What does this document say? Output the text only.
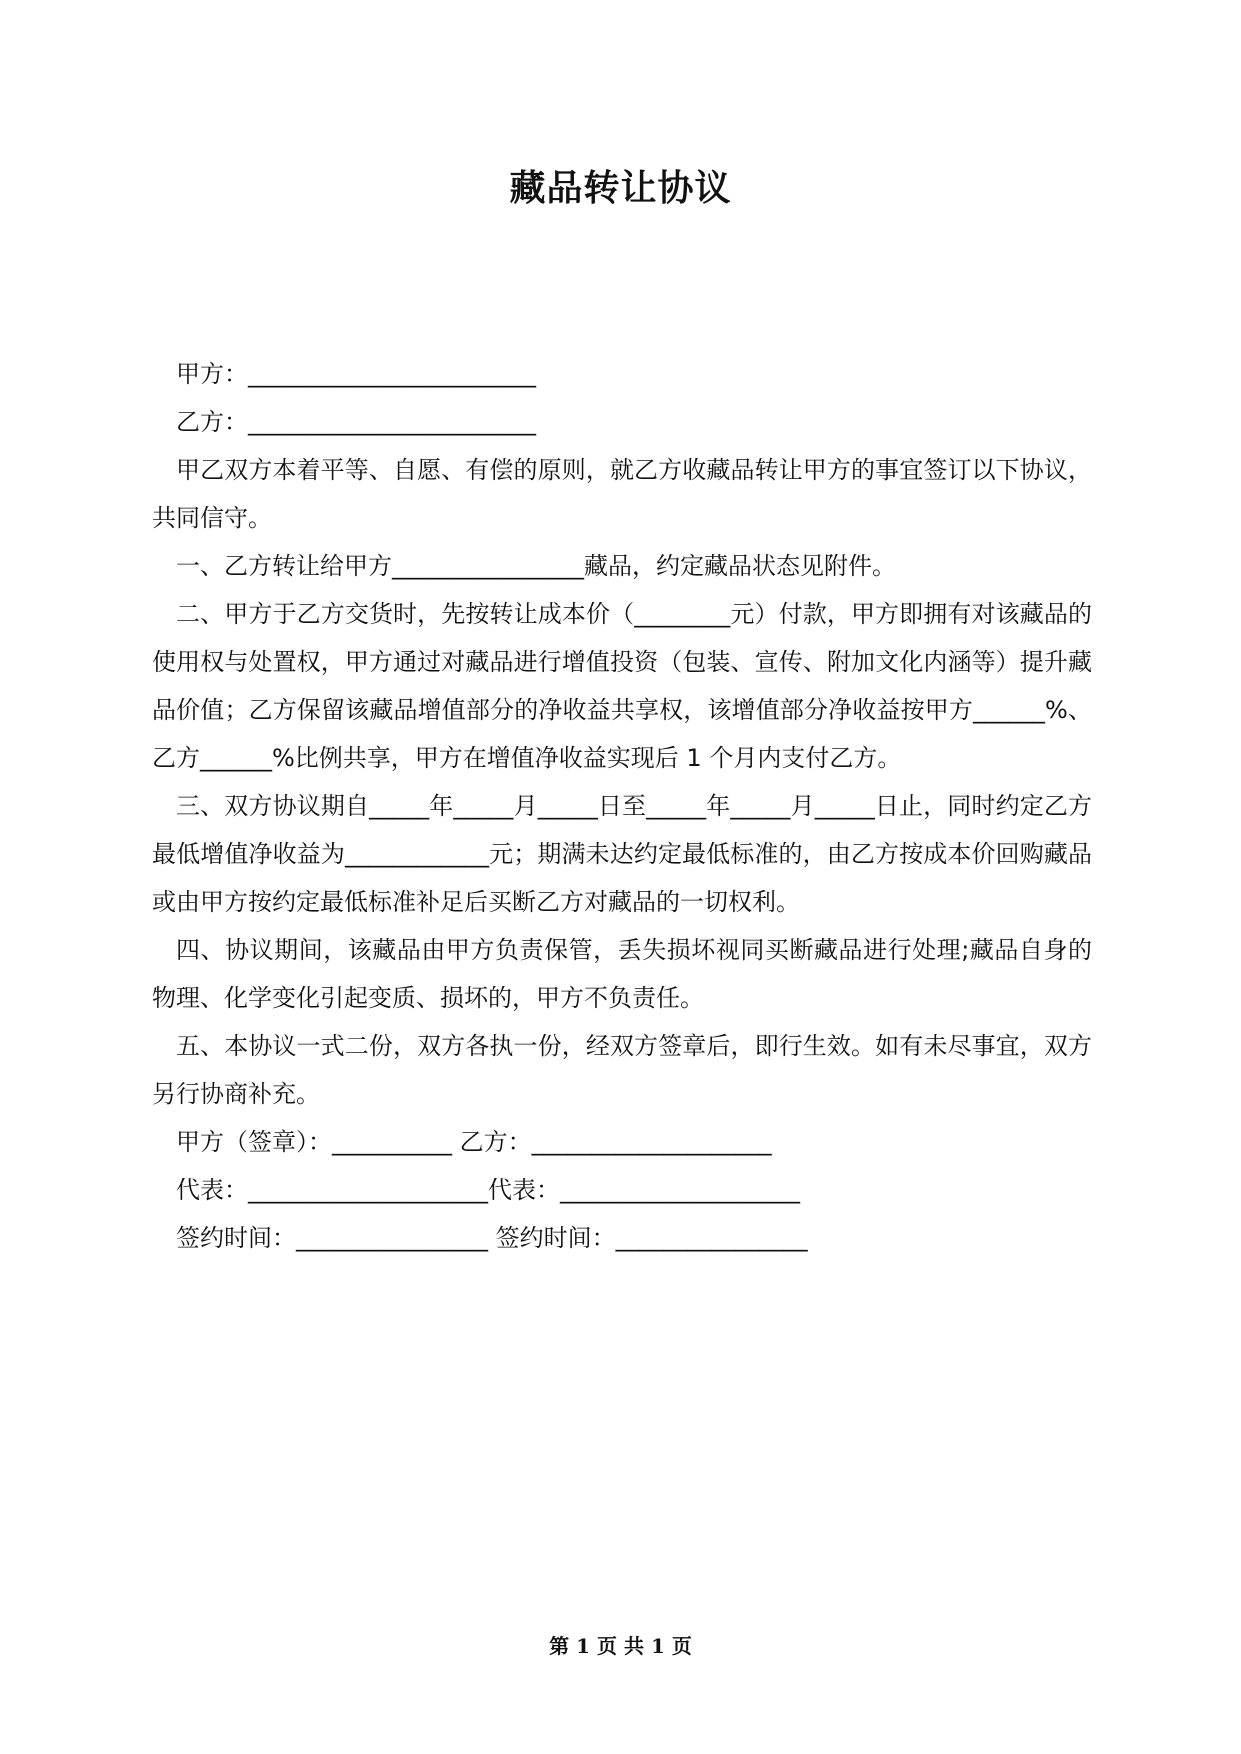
藏品转让协议
甲方：________________________
乙方：________________________

甲乙双方本着平等、自愿、有偿的原则，就乙方收藏品转让甲方的事宜签订以下协议，共同信守。

一、乙方转让给甲方________________藏品，约定藏品状态见附件。

二、甲方于乙方交货时，先按转让成本价（________元）付款，甲方即拥有对该藏品的使用权与处置权，甲方通过对藏品进行增值投资（包装、宣传、附加文化内涵等）提升藏品价值；乙方保留该藏品增值部分的净收益共享权，该增值部分净收益按甲方______%、乙方______%比例共享，甲方在增值净收益实现后 1 个月内支付乙方。

三、双方协议期自_____年_____月_____日至_____年_____月_____日止，同时约定乙方最低增值净收益为____________元；期满未达约定最低标准的，由乙方按成本价回购藏品或由甲方按约定最低标准补足后买断乙方对藏品的一切权利。

四、协议期间，该藏品由甲方负责保管，丢失损坏视同买断藏品进行处理;藏品自身的物理、化学变化引起变质、损坏的，甲方不负责任。

五、本协议一式二份，双方各执一份，经双方签章后，即行生效。如有未尽事宜，双方另行协商补充。

甲方（签章）：__________ 乙方：____________________
代表：____________________代表：____________________
签约时间：________________ 签约时间：________________
第 1 页 共 1 页
